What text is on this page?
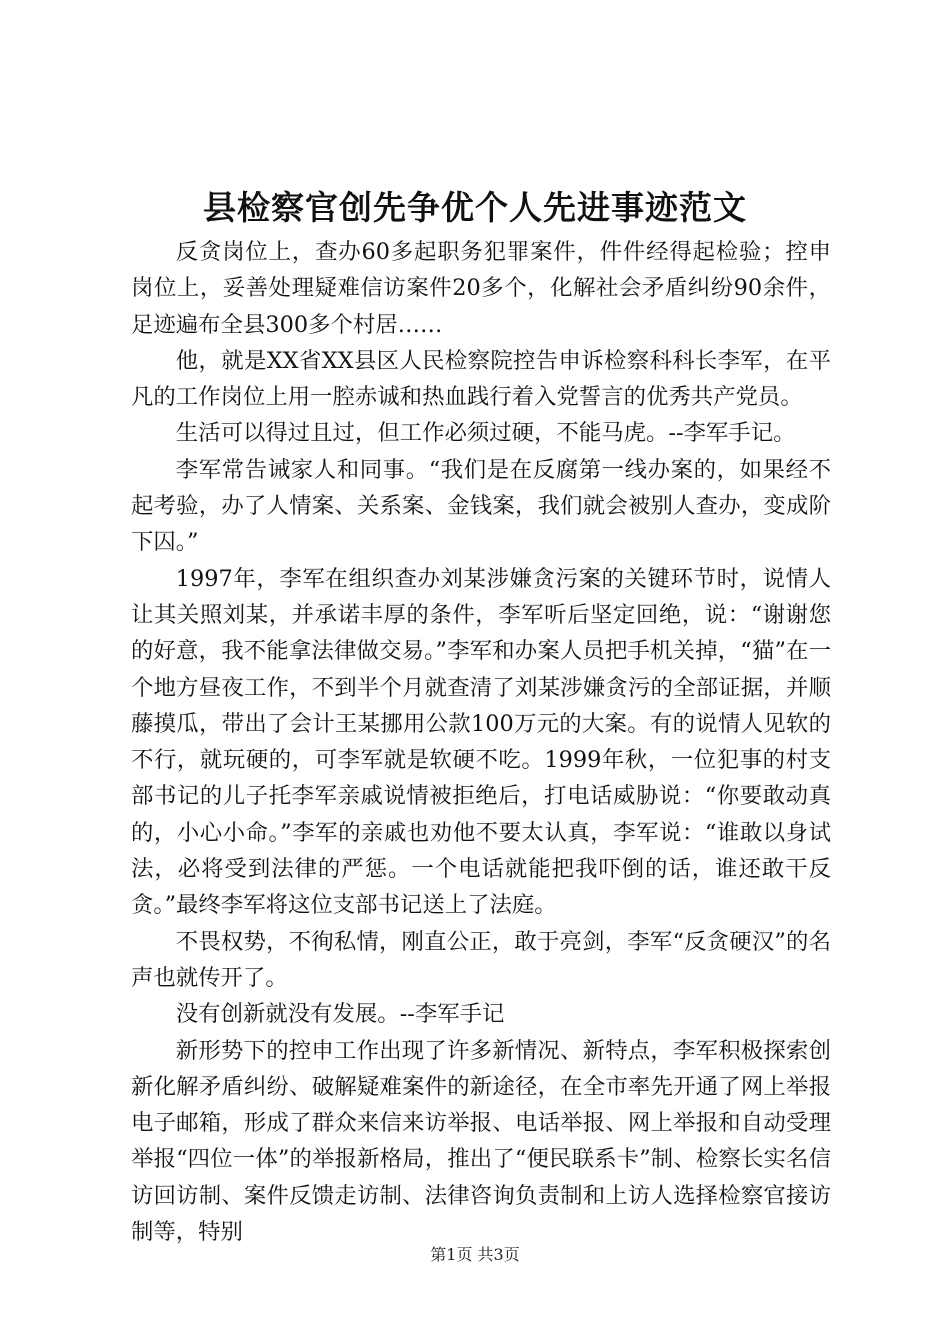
县检察官创先争优个人先进事迹范文

反贪岗位上，查办60多起职务犯罪案件，件件经得起检验；控申岗位上，妥善处理疑难信访案件20多个，化解社会矛盾纠纷90余件，足迹遍布全县300多个村居……

他，就是XX省XX县区人民检察院控告申诉检察科科长李军，在平凡的工作岗位上用一腔赤诚和热血践行着入党誓言的优秀共产党员。

生活可以得过且过，但工作必须过硬，不能马虎。--李军手记。

李军常告诫家人和同事。“我们是在反腐第一线办案的，如果经不起考验，办了人情案、关系案、金钱案，我们就会被别人查办，变成阶下囚。”

1997年，李军在组织查办刘某涉嫌贪污案的关键环节时，说情人让其关照刘某，并承诺丰厚的条件，李军听后坚定回绝，说：“谢谢您的好意，我不能拿法律做交易。”李军和办案人员把手机关掉，“猫”在一个地方昼夜工作，不到半个月就查清了刘某涉嫌贪污的全部证据，并顺藤摸瓜，带出了会计王某挪用公款100万元的大案。有的说情人见软的不行，就玩硬的，可李军就是软硬不吃。1999年秋，一位犯事的村支部书记的儿子托李军亲戚说情被拒绝后，打电话威胁说：“你要敢动真的，小心小命。”李军的亲戚也劝他不要太认真，李军说：“谁敢以身试法，必将受到法律的严惩。一个电话就能把我吓倒的话，谁还敢干反贪。”最终李军将这位支部书记送上了法庭。

不畏权势，不徇私情，刚直公正，敢于亮剑，李军“反贪硬汉”的名声也就传开了。

没有创新就没有发展。--李军手记

新形势下的控申工作出现了许多新情况、新特点，李军积极探索创新化解矛盾纠纷、破解疑难案件的新途径，在全市率先开通了网上举报电子邮箱，形成了群众来信来访举报、电话举报、网上举报和自动受理举报“四位一体”的举报新格局，推出了“便民联系卡”制、检察长实名信访回访制、案件反馈走访制、法律咨询负责制和上访人选择检察官接访制等，特别

第1页 共3页
